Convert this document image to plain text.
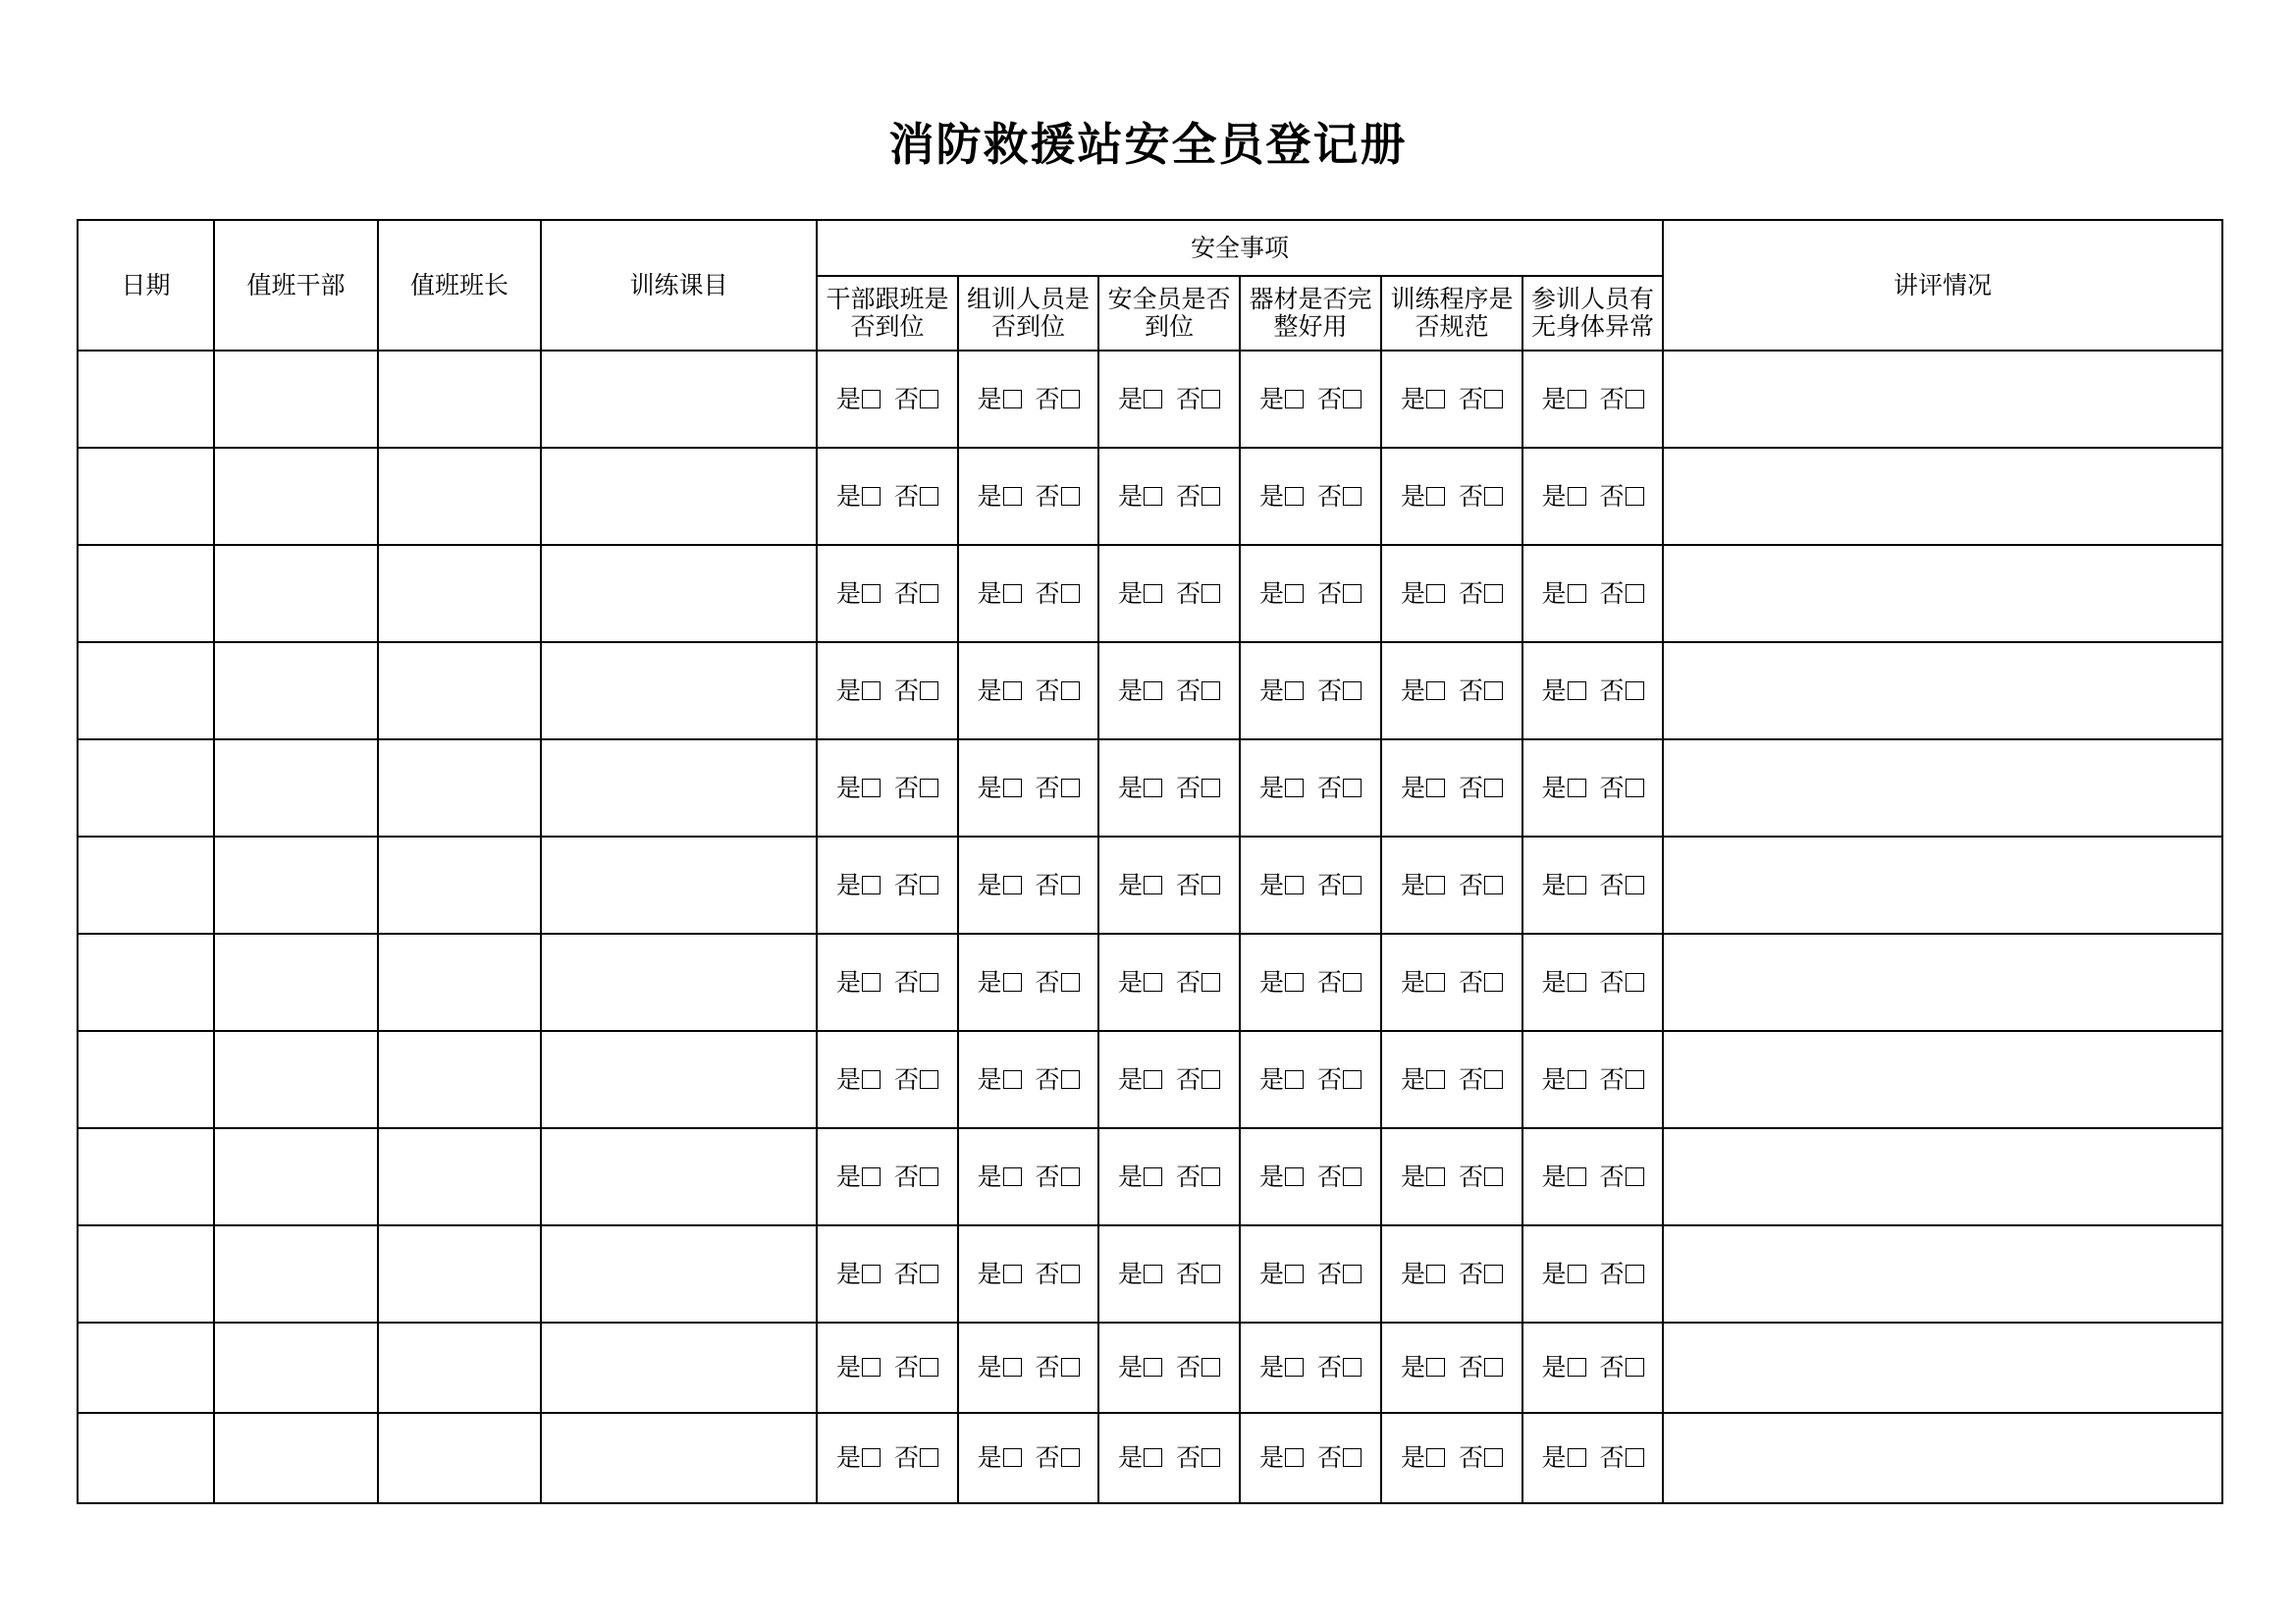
消防救援站安全员登记册
日期	值班干部	值班班长	训练课目	安全事项						讲评情况

				干部跟班是否到位	组训人员是否到位	安全员是否到位	器材是否完整好用	训练程序是否规范	参训人员有无身体异常	

				是 否	是 否	是 否	是 否	是 否	是 否	
				是 否	是 否	是 否	是 否	是 否	是 否	
				是 否	是 否	是 否	是 否	是 否	是 否	
				是 否	是 否	是 否	是 否	是 否	是 否	
				是 否	是 否	是 否	是 否	是 否	是 否	
				是 否	是 否	是 否	是 否	是 否	是 否	
				是 否	是 否	是 否	是 否	是 否	是 否	
				是 否	是 否	是 否	是 否	是 否	是 否	
				是 否	是 否	是 否	是 否	是 否	是 否	
				是 否	是 否	是 否	是 否	是 否	是 否	
				是 否	是 否	是 否	是 否	是 否	是 否	
				是 否	是 否	是 否	是 否	是 否	是 否	
